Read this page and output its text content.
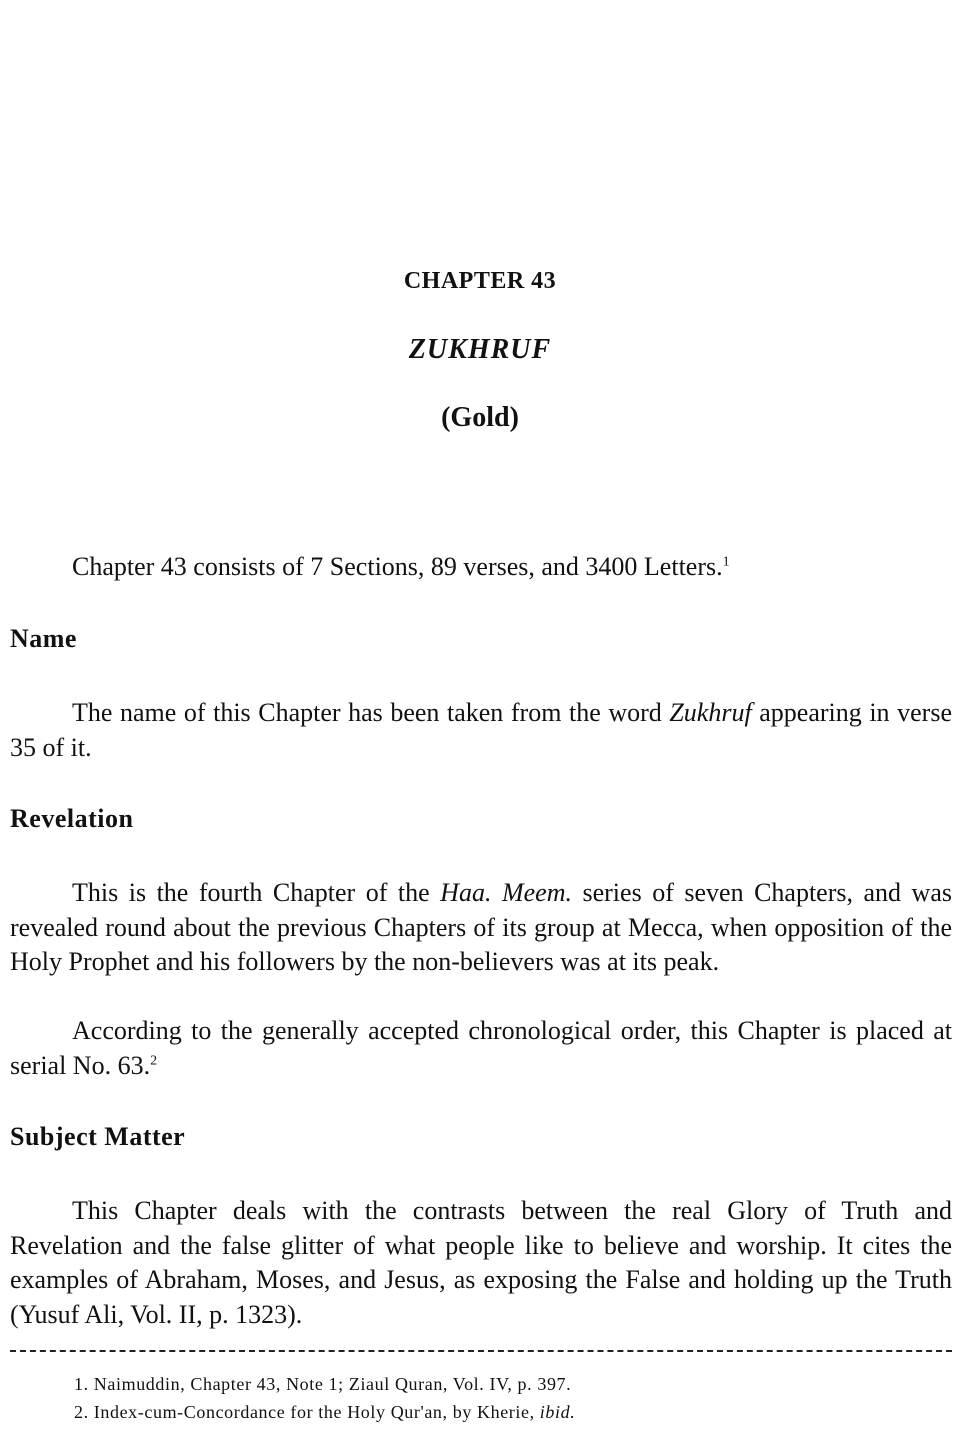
CHAPTER 43
ZUKHRUF
(Gold)

Chapter 43 consists of 7 Sections, 89 verses, and 3400 Letters.$^1$

Name

The name of this Chapter has been taken from the word Zukhruf appearing in verse 35 of it.

Revelation

This is the fourth Chapter of the Haa. Meem. series of seven Chapters, and was revealed round about the previous Chapters of its group at Mecca, when opposition of the Holy Prophet and his followers by the non-believers was at its peak.

According to the generally accepted chronological order, this Chapter is placed at serial No. 63.$^2$

Subject Matter

This Chapter deals with the contrasts between the real Glory of Truth and Revelation and the false glitter of what people like to believe and worship. It cites the examples of Abraham, Moses, and Jesus, as exposing the False and holding up the Truth (Yusuf Ali, Vol. II, p. 1323).

1. Naimuddin, Chapter 43, Note 1; Ziaul Quran, Vol. IV, p. 397.
2. Index-cum-Concordance for the Holy Qur'an, by Kherie, ibid.
